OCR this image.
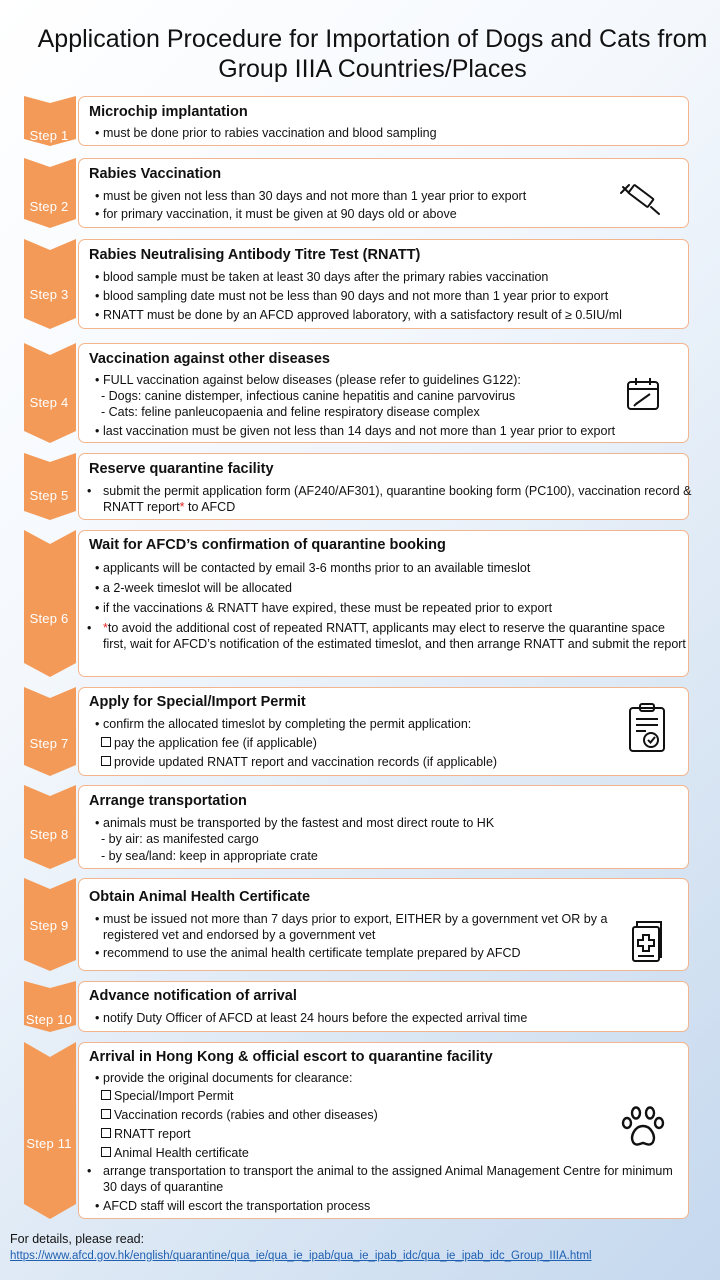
Application Procedure for Importation of Dogs and Cats from Group IIIA Countries/Places
Step 1
Microchip implantation
• must be done prior to rabies vaccination and blood sampling
Step 2
Rabies Vaccination
• must be given not less than 30 days and not more than 1 year prior to export
• for primary vaccination, it must be given at 90 days old or above
Step 3
Rabies Neutralising Antibody Titre Test (RNATT)
• blood sample must be taken at least 30 days after the primary rabies vaccination
• blood sampling date must not be less than 90 days and not more than 1 year prior to export
• RNATT must be done by an AFCD approved laboratory, with a satisfactory result of ≥ 0.5IU/ml
Step 4
Vaccination against other diseases
• FULL vaccination against below diseases (please refer to guidelines G122):
- Dogs: canine distemper, infectious canine hepatitis and canine parvovirus
- Cats: feline panleucopaenia and feline respiratory disease complex
• last vaccination must be given not less than 14 days and not more than 1 year prior to export
Step 5
Reserve quarantine facility
• submit the permit application form (AF240/AF301), quarantine booking form (PC100), vaccination record & RNATT report* to AFCD
Step 6
Wait for AFCD’s confirmation of quarantine booking
• applicants will be contacted by email 3-6 months prior to an available timeslot
• a 2-week timeslot will be allocated
• if the vaccinations & RNATT have expired, these must be repeated prior to export
• *to avoid the additional cost of repeated RNATT, applicants may elect to reserve the quarantine space first, wait for AFCD’s notification of the estimated timeslot, and then arrange RNATT and submit the report
Step 7
Apply for Special/Import Permit
• confirm the allocated timeslot by completing the permit application:
pay the application fee (if applicable)
provide updated RNATT report and vaccination records (if applicable)
Step 8
Arrange transportation
• animals must be transported by the fastest and most direct route to HK
- by air: as manifested cargo
- by sea/land: keep in appropriate crate
Step 9
Obtain Animal Health Certificate
• must be issued not more than 7 days prior to export, EITHER by a government vet OR by a
registered vet and endorsed by a government vet
• recommend to use the animal health certificate template prepared by AFCD
Step 10
Advance notification of arrival
• notify Duty Officer of AFCD at least 24 hours before the expected arrival time
Step 11
Arrival in Hong Kong & official escort to quarantine facility
• provide the original documents for clearance:
Special/Import Permit
Vaccination records (rabies and other diseases)
RNATT report
Animal Health certificate
• arrange transportation to transport the animal to the assigned Animal Management Centre for minimum 30 days of quarantine
• AFCD staff will escort the transportation process
For details, please read:
https://www.afcd.gov.hk/english/quarantine/qua_ie/qua_ie_ipab/qua_ie_ipab_idc/qua_ie_ipab_idc_Group_IIIA.html
